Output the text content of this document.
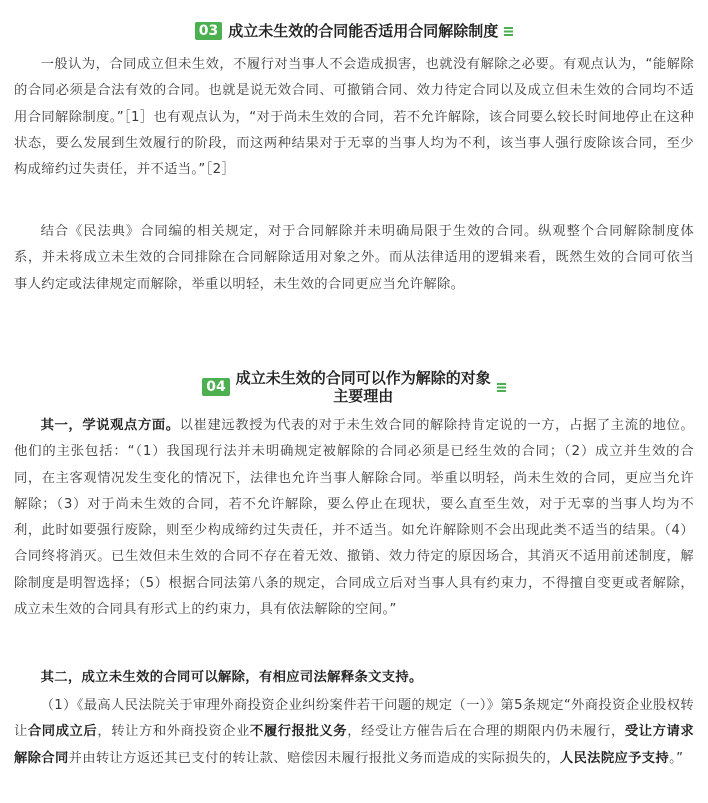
03 成立未生效的合同能否适用合同解除制度

一般认为，合同成立但未生效，不履行对当事人不会造成损害，也就没有解除之必要。有观点认为，“能解除的合同必须是合法有效的合同。也就是说无效合同、可撤销合同、效力待定合同以及成立但未生效的合同均不适用合同解除制度。”［1］也有观点认为，“对于尚未生效的合同，若不允许解除，该合同要么较长时间地停止在这种状态，要么发展到生效履行的阶段，而这两种结果对于无辜的当事人均为不利，该当事人强行废除该合同，至少构成缔约过失责任，并不适当。”［2］

结合《民法典》合同编的相关规定，对于合同解除并未明确局限于生效的合同。纵观整个合同解除制度体系，并未将成立未生效的合同排除在合同解除适用对象之外。而从法律适用的逻辑来看，既然生效的合同可依当事人约定或法律规定而解除，举重以明轻，未生效的合同更应当允许解除。

04 成立未生效的合同可以作为解除的对象
主要理由

其一，学说观点方面。以崔建远教授为代表的对于未生效合同的解除持肯定说的一方，占据了主流的地位。他们的主张包括：“（1）我国现行法并未明确规定被解除的合同必须是已经生效的合同；（2）成立并生效的合同，在主客观情况发生变化的情况下，法律也允许当事人解除合同。举重以明轻，尚未生效的合同，更应当允许解除；（3）对于尚未生效的合同，若不允许解除，要么停止在现状，要么直至生效，对于无辜的当事人均为不利，此时如要强行废除，则至少构成缔约过失责任，并不适当。如允许解除则不会出现此类不适当的结果。（4）合同终将消灭。已生效但未生效的合同不存在着无效、撤销、效力待定的原因场合，其消灭不适用前述制度，解除制度是明智选择；（5）根据合同法第八条的规定，合同成立后对当事人具有约束力，不得擅自变更或者解除，成立未生效的合同具有形式上的约束力，具有依法解除的空间。”

其二，成立未生效的合同可以解除，有相应司法解释条文支持。

（1）《最高人民法院关于审理外商投资企业纠纷案件若干问题的规定（一）》第5条规定“外商投资企业股权转让合同成立后，转让方和外商投资企业不履行报批义务，经受让方催告后在合理的期限内仍未履行，受让方请求解除合同并由转让方返还其已支付的转让款、赔偿因未履行报批义务而造成的实际损失的，人民法院应予支持。”
